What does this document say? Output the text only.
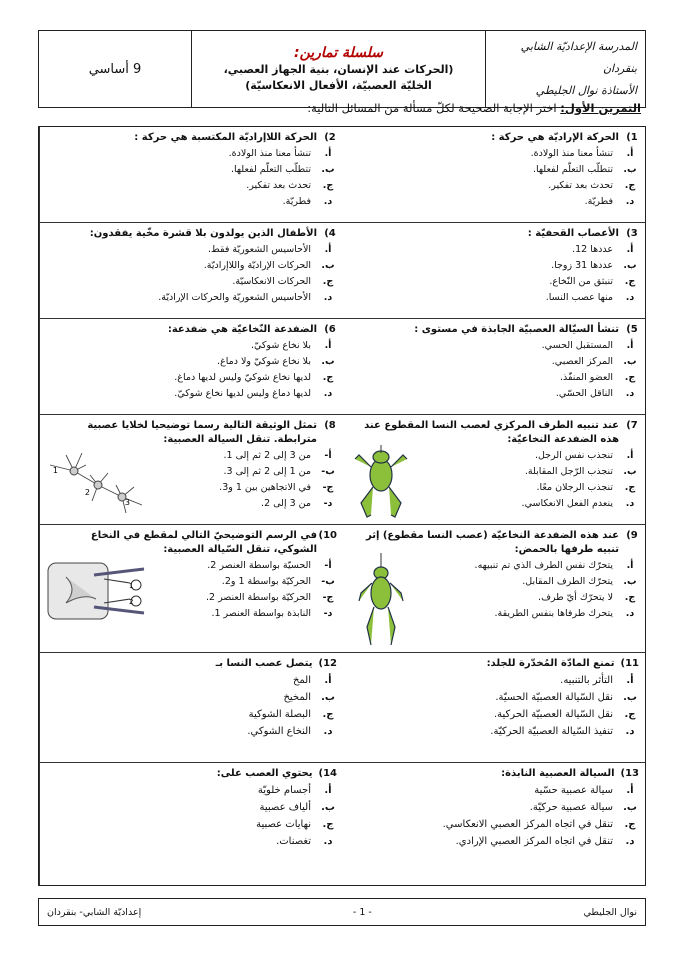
المدرسة الإعداديّة الشابي بنقردان
الأستاذة نوال الجليطي
سلسلة تمارين:
(الحركات عند الإنسان، بنية الجهاز العصبي،
الخليّة العصبيّة، الأفعال الانعكاسيّة)
9 أساسي
التمرين الأول: اختر الإجابة الصحيحة لكلّ مسألة من المسائل التالية:
1)
الحركة الإراديّة هي حركة :
أ.
تنشأ معنا منذ الولادة.
ب.
تتطلّب التعلّم لفعلها.
ج.
تحدث بعد تفكير.
د.
فطريّة.
2)
الحركة اللاإراديّة المكتسبة هي حركة :
أ.
تنشأ معنا منذ الولادة.
ب.
تتطلّب التعلّم لفعلها.
ج.
تحدث بعد تفكير.
د.
فطريّة.
3)
الأعصاب القحفيّة :
أ.
عددها 12.
ب.
عددها 31 زوجا.
ج.
تنبثق من النّخاع.
د.
منها عصب النسا.
4)
الأطفال الذين يولدون بلا قشرة مخّية يفقدون:
أ.
الأحاسيس الشعوريّة فقط.
ب.
الحركات الإراديّة واللاإراديّة.
ج.
الحركات الانعكاسيّة.
د.
الأحاسيس الشعوريّة والحركات الإراديّة.
5)
تنشأ السيّالة العصبيّة الجابذة في مستوى :
أ.
المستقبل الحسي.
ب.
المركز العصبي.
ج.
العضو المنفّذ.
د.
الناقل الحسّي.
6)
الضفدعة النّخاعيّة هي ضفدعة:
أ.
بلا نخاع شوكيّ.
ب.
بلا نخاع شوكيّ ولا دماغ.
ج.
لديها نخاع شوكيّ وليس لديها دماغ.
د.
لديها دماغ وليس لديها نخاع شوكيّ.
7)
عند تنبيه الطرف المركزي لعصب النسا المقطوع عند هذه الضفدعة النخاعيّة:
أ.
تنجذب نفس الرجل.
ب.
تنجذب الرّجل المقابلة.
ج.
تنجذب الرجلان معًا.
د.
ينعدم الفعل الانعكاسي.
8)
تمثل الوثيقة التالية رسما توضيحيا لخلايا عصبية مترابطة. تنقل السيالة العصبية:
أ-
من 3 إلى 2 ثم إلى 1.
ب-
من 1 إلى 2 ثم إلى 3.
ج-
في الاتجاهين بين 1 و3.
د-
من 3 إلى 2.
1
2
3
9)
عند هذه الضفدعة النخاعيّة (عصب النسا مقطوع) إثر تنبيه طرفها بالحمض:
أ.
يتحرّك نفس الطرف الذي تم تنبيهه.
ب.
يتحرّك الطرف المقابل.
ج.
لا يتحرّك أيّ طرف.
د.
يتحرك طرفاها بنفس الطريقة.
10)
في الرسم التوضيحيّ التالي لمقطع في النخاع الشوكي، تنقل السّيالة العصبية:
أ-
الحسيّة بواسطة العنصر 2.
ب-
الحركيّة بواسطة 1 و2.
ج-
الحركيّة بواسطة العنصر 2.
د-
النابذة بواسطة العنصر 1.
1
2
11)
تمنع المادّة المُخدّرة للجلد:
أ.
التأثر بالتنبيه.
ب.
نقل السّيالة العصبيّة الحسيّة.
ج.
نقل السّيالة العصبيّة الحركية.
د.
تنفيذ السّيالة العصبيّة الحركيّة.
12)
يتصل عصب النسا بـ
أ.
المخ
ب.
المخيخ
ج.
البصلة الشوكية
د.
النخاع الشوكي.
13)
السيالة العصبية النابذة:
أ.
سيالة عصبية حسّية
ب.
سيالة عصبية حركيّة.
ج.
تنقل في اتجاه المركز العصبي الانعكاسي.
د.
تنقل في اتجاه المركز العصبي الإرادي.
14)
يحتوي العصب على:
أ.
أجسام خلويّة
ب.
ألياف عصبية
ج.
نهايات عصبية
د.
تغصنات.
نوال الجليطي
- 1 -
إعداديّة الشابي- بنقردان
